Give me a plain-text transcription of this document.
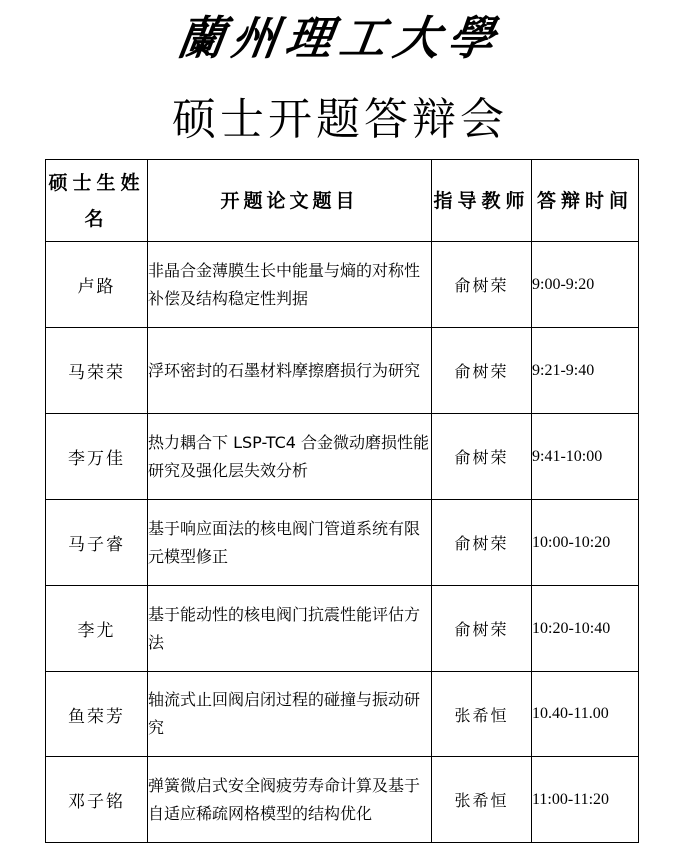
蘭州理工大學
硕士开题答辩会
硕士生姓名	开题论文题目	指导教师	答辩时间
卢路	非晶合金薄膜生长中能量与熵的对称性补偿及结构稳定性判据	俞树荣	9:00-9:20
马荣荣	浮环密封的石墨材料摩擦磨损行为研究	俞树荣	9:21-9:40
李万佳	热力耦合下 LSP-TC4 合金微动磨损性能研究及强化层失效分析	俞树荣	9:41-10:00
马子睿	基于响应面法的核电阀门管道系统有限元模型修正	俞树荣	10:00-10:20
李尤	基于能动性的核电阀门抗震性能评估方法	俞树荣	10:20-10:40
鱼荣芳	轴流式止回阀启闭过程的碰撞与振动研究	张希恒	10.40-11.00
邓子铭	弹簧微启式安全阀疲劳寿命计算及基于自适应稀疏网格模型的结构优化	张希恒	11:00-11:20
